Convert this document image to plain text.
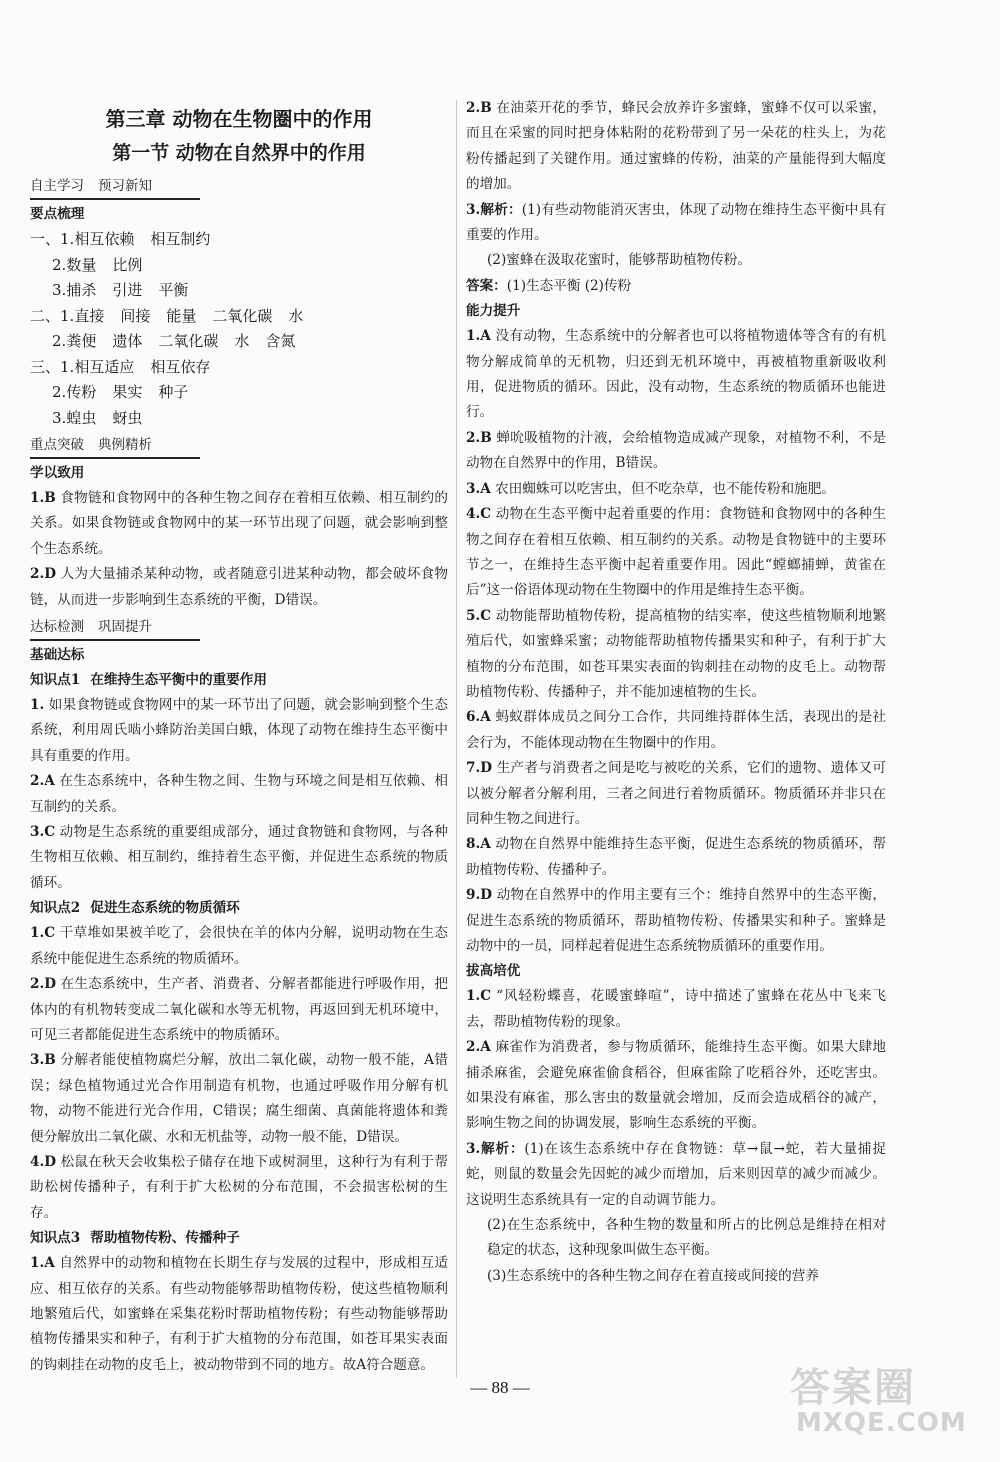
第三章 动物在生物圈中的作用
第一节 动物在自然界中的作用
自主学习 预习新知
要点梳理
一、1.相互依赖 相互制约
2.数量 比例
3.捕杀 引进 平衡
二、1.直接 间接 能量 二氧化碳 水
2.粪便 遗体 二氧化碳 水 含氮
三、1.相互适应 相互依存
2.传粉 果实 种子
3.蝗虫 蚜虫
重点突破 典例精析
学以致用
1.B 食物链和食物网中的各种生物之间存在着相互依赖、相互制约的关系。如果食物链或食物网中的某一环节出现了问题，就会影响到整个生态系统。
2.D 人为大量捕杀某种动物，或者随意引进某种动物，都会破坏食物链，从而进一步影响到生态系统的平衡，D错误。
达标检测 巩固提升
基础达标
知识点1 在维持生态平衡中的重要作用
1. 如果食物链或食物网中的某一环节出了问题，就会影响到整个生态系统，利用周氏啮小蜂防治美国白蛾，体现了动物在维持生态平衡中具有重要的作用。
2.A 在生态系统中，各种生物之间、生物与环境之间是相互依赖、相互制约的关系。
3.C 动物是生态系统的重要组成部分，通过食物链和食物网，与各种生物相互依赖、相互制约，维持着生态平衡，并促进生态系统的物质循环。
知识点2 促进生态系统的物质循环
1.C 干草堆如果被羊吃了，会很快在羊的体内分解，说明动物在生态系统中能促进生态系统的物质循环。
2.D 在生态系统中，生产者、消费者、分解者都能进行呼吸作用，把体内的有机物转变成二氧化碳和水等无机物，再返回到无机环境中，可见三者都能促进生态系统中的物质循环。
3.B 分解者能使植物腐烂分解，放出二氧化碳，动物一般不能，A错误；绿色植物通过光合作用制造有机物，也通过呼吸作用分解有机物，动物不能进行光合作用，C错误；腐生细菌、真菌能将遗体和粪便分解放出二氧化碳、水和无机盐等，动物一般不能，D错误。
4.D 松鼠在秋天会收集松子储存在地下或树洞里，这种行为有利于帮助松树传播种子，有利于扩大松树的分布范围，不会损害松树的生存。
知识点3 帮助植物传粉、传播种子
1.A 自然界中的动物和植物在长期生存与发展的过程中，形成相互适应、相互依存的关系。有些动物能够帮助植物传粉，使这些植物顺利地繁殖后代，如蜜蜂在采集花粉时帮助植物传粉；有些动物能够帮助植物传播果实和种子，有利于扩大植物的分布范围，如苍耳果实表面的钩刺挂在动物的皮毛上，被动物带到不同的地方。故A符合题意。
2.B 在油菜开花的季节，蜂民会放养许多蜜蜂，蜜蜂不仅可以采蜜，而且在采蜜的同时把身体粘附的花粉带到了另一朵花的柱头上，为花粉传播起到了关键作用。通过蜜蜂的传粉，油菜的产量能得到大幅度的增加。
3.解析：(1)有些动物能消灭害虫，体现了动物在维持生态平衡中具有重要的作用。
(2)蜜蜂在汲取花蜜时，能够帮助植物传粉。
答案：(1)生态平衡 (2)传粉
能力提升
1.A 没有动物，生态系统中的分解者也可以将植物遗体等含有的有机物分解成简单的无机物，归还到无机环境中，再被植物重新吸收利用，促进物质的循环。因此，没有动物，生态系统的物质循环也能进行。
2.B 蝉吮吸植物的汁液，会给植物造成减产现象，对植物不利，不是动物在自然界中的作用，B错误。
3.A 农田蜘蛛可以吃害虫，但不吃杂草，也不能传粉和施肥。
4.C 动物在生态平衡中起着重要的作用：食物链和食物网中的各种生物之间存在着相互依赖、相互制约的关系。动物是食物链中的主要环节之一，在维持生态平衡中起着重要作用。因此“螳螂捕蝉，黄雀在后”这一俗语体现动物在生物圈中的作用是维持生态平衡。
5.C 动物能帮助植物传粉，提高植物的结实率，使这些植物顺利地繁殖后代，如蜜蜂采蜜；动物能帮助植物传播果实和种子，有利于扩大植物的分布范围，如苍耳果实表面的钩刺挂在动物的皮毛上。动物帮助植物传粉、传播种子，并不能加速植物的生长。
6.A 蚂蚁群体成员之间分工合作，共同维持群体生活，表现出的是社会行为，不能体现动物在生物圈中的作用。
7.D 生产者与消费者之间是吃与被吃的关系，它们的遗物、遗体又可以被分解者分解利用，三者之间进行着物质循环。物质循环并非只在同种生物之间进行。
8.A 动物在自然界中能维持生态平衡，促进生态系统的物质循环，帮助植物传粉、传播种子。
9.D 动物在自然界中的作用主要有三个：维持自然界中的生态平衡，促进生态系统的物质循环，帮助植物传粉、传播果实和种子。蜜蜂是动物中的一员，同样起着促进生态系统物质循环的重要作用。
拔高培优
1.C “风轻粉蝶喜，花暖蜜蜂喧”，诗中描述了蜜蜂在花丛中飞来飞去，帮助植物传粉的现象。
2.A 麻雀作为消费者，参与物质循环，能维持生态平衡。如果大肆地捕杀麻雀，会避免麻雀偷食稻谷，但麻雀除了吃稻谷外，还吃害虫。如果没有麻雀，那么害虫的数量就会增加，反而会造成稻谷的减产，影响生物之间的协调发展，影响生态系统的平衡。
3.解析：(1)在该生态系统中存在食物链：草→鼠→蛇，若大量捕捉蛇，则鼠的数量会先因蛇的减少而增加，后来则因草的减少而减少。这说明生态系统具有一定的自动调节能力。
(2)在生态系统中，各种生物的数量和所占的比例总是维持在相对稳定的状态，这种现象叫做生态平衡。
(3)生态系统中的各种生物之间存在着直接或间接的营养
— 88 —	答案圈
MXQE.COM
